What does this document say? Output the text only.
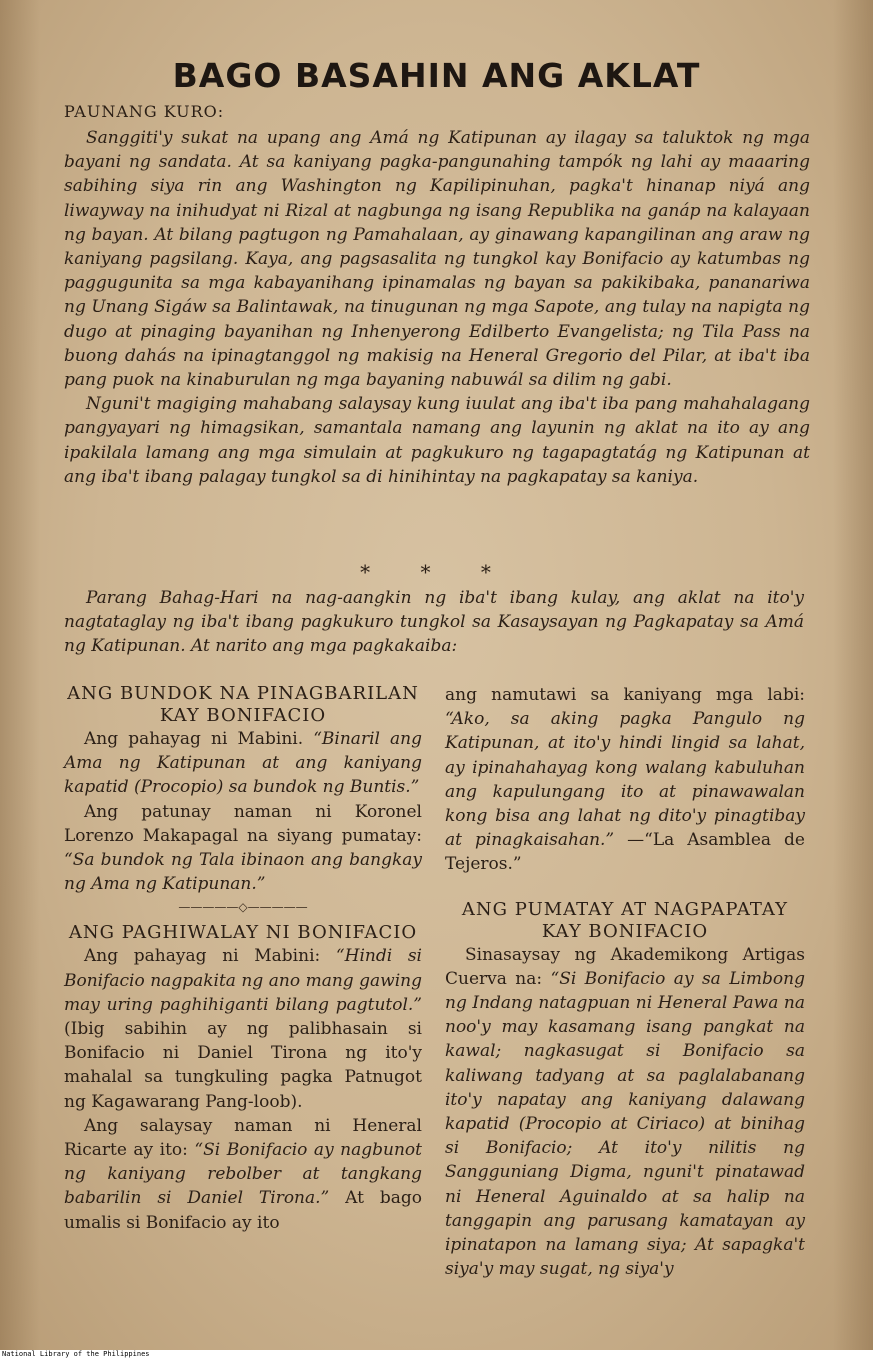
BAGO BASAHIN ANG AKLAT

PAUNANG KURO:

Sanggiti'y sukat na upang ang Amá ng Katipunan ay ilagay sa taluktok ng mga bayani ng sandata. At sa kaniyang pagka-pangunahing tampók ng lahi ay maaaring sabihing siya rin ang Washington ng Kapilipinuhan, pagka't hinanap niyá ang liwayway na inihudyat ni Rizal at nagbunga ng isang Republika na ganáp na kalayaan ng bayan. At bilang pagtugon ng Pamahalaan, ay ginawang kapangilinan ang araw ng kaniyang pagsilang. Kaya, ang pagsasalita ng tungkol kay Bonifacio ay katumbas ng paggugunita sa mga kabayanihang ipinamalas ng bayan sa pakikibaka, pananariwa ng Unang Sigáw sa Balintawak, na tinugunan ng mga Sapote, ang tulay na napigta ng dugo at pinaging bayanihan ng Inhenyerong Edilberto Evangelista; ng Tila Pass na buong dahás na ipinagtanggol ng makisig na Heneral Gregorio del Pilar, at iba't iba pang puok na kinaburulan ng mga bayaning nabuwál sa dilim ng gabi.

Nguni't magiging mahabang salaysay kung iuulat ang iba't iba pang mahahalagang pangyayari ng himagsikan, samantala namang ang layunin ng aklat na ito ay ang ipakilala lamang ang mga simulain at pagkukuro ng tagapagtatág ng Katipunan at ang iba't ibang palagay tungkol sa di hinihintay na pagkapatay sa kaniya.

* * *

Parang Bahag-Hari na nag-aangkin ng iba't ibang kulay, ang aklat na ito'y nagtataglay ng iba't ibang pagkukuro tungkol sa Kasaysayan ng Pagkapatay sa Amá ng Katipunan. At narito ang mga pagkakaiba:

ANG BUNDOK NA PINAGBARILAN KAY BONIFACIO

Ang pahayag ni Mabini. “Binaril ang Ama ng Katipunan at ang kaniyang kapatid (Procopio) sa bundok ng Buntis.”

Ang patunay naman ni Koronel Lorenzo Makapagal na siyang pumatay: “Sa bundok ng Tala ibinaon ang bangkay ng Ama ng Katipunan.”

—————◇—————
ANG PAGHIWALAY NI BONIFACIO

Ang pahayag ni Mabini: “Hindi si Bonifacio nagpakita ng ano mang gawing may uring paghihiganti bilang pagtutol.” (Ibig sabihin ay ng palibhasain si Bonifacio ni Daniel Tirona ng ito'y mahalal sa tungkuling pagka Patnugot ng Kagawarang Pang-loob).

Ang salaysay naman ni Heneral Ricarte ay ito: “Si Bonifacio ay nagbunot ng kaniyang rebolber at tangkang babarilin si Daniel Tirona.” At bago umalis si Bonifacio ay ito

ang namutawi sa kaniyang mga labi: “Ako, sa aking pagka Pangulo ng Katipunan, at ito'y hindi lingid sa lahat, ay ipinahahayag kong walang kabuluhan ang kapulungang ito at pinawawalan kong bisa ang lahat ng dito'y pinagtibay at pinagkaisahan.” —“La Asamblea de Tejeros.”

ANG PUMATAY AT NAGPAPATAY KAY BONIFACIO

Sinasaysay ng Akademikong Artigas Cuerva na: “Si Bonifacio ay sa Limbong ng Indang natagpuan ni Heneral Pawa na noo'y may kasamang isang pangkat na kawal; nagkasugat si Bonifacio sa kaliwang tadyang at sa paglalabanang ito'y napatay ang kaniyang dalawang kapatid (Procopio at Ciriaco) at binihag si Bonifacio; At ito'y nilitis ng Sangguniang Digma, nguni't pinatawad ni Heneral Aguinaldo at sa halip na tanggapin ang parusang kamatayan ay ipinatapon na lamang siya; At sapagka't siya'y may sugat, ng siya'y

National Library of the Philippines
